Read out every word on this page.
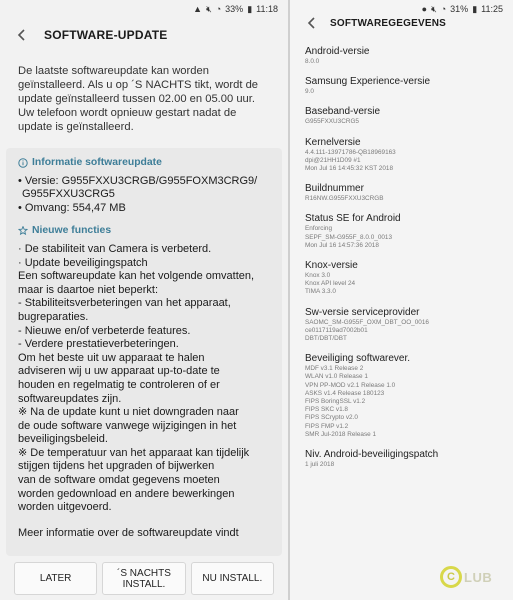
▲ 🔇︎ ◔ 33% ▮ 11:18
SOFTWARE-UPDATE
De laatste softwareupdate kan worden
geïnstalleerd. Als u op ´S NACHTS tikt, wordt de
update geïnstalleerd tussen 02.00 en 05.00 uur.
Uw telefoon wordt opnieuw gestart nadat de
update is geïnstalleerd.
Informatie softwareupdate
• Versie: G955FXXU3CRGB/G955FOXM3CRG9/
G955FXXU3CRG5
• Omvang: 554,47 MB
Nieuwe functies
· De stabiliteit van Camera is verbeterd.
· Update beveiligingspatch
Een softwareupdate kan het volgende omvatten,
maar is daartoe niet beperkt:
- Stabiliteitsverbeteringen van het apparaat,
bugreparaties.
- Nieuwe en/of verbeterde features.
- Verdere prestatieverbeteringen.
Om het beste uit uw apparaat te halen
adviseren wij u uw apparaat up-to-date te
houden en regelmatig te controleren of er
softwareupdates zijn.
※ Na de update kunt u niet downgraden naar
de oude software vanwege wijzigingen in het
beveiligingsbeleid.
※ De temperatuur van het apparaat kan tijdelijk
stijgen tijdens het upgraden of bijwerken
van de software omdat gegevens moeten
worden gedownload en andere bewerkingen
worden uitgevoerd.
Meer informatie over de softwareupdate vindt
LATER	´S NACHTS
INSTALL.	NU INSTALL.
● 🔇︎ ◔ 31% ▮ 11:25
SOFTWAREGEGEVENS
Android-versie
8.0.0
Samsung Experience-versie
9.0
Baseband-versie
G955FXXU3CRG5
Kernelversie
4.4.111-13971786-QB18969163
dpi@21HH1D09 #1
Mon Jul 16 14:45:32 KST 2018
Buildnummer
R16NW.G955FXXU3CRGB
Status SE for Android
Enforcing
SEPF_SM-G955F_8.0.0_0013
Mon Jul 16 14:57:36 2018
Knox-versie
Knox 3.0
Knox API level 24
TIMA 3.3.0
Sw-versie serviceprovider
SAOMC_SM-G955F_OXM_DBT_OO_0016
ce0117119ad7002b01
DBT/DBT/DBT
Beveiliging softwarever.
MDF v3.1 Release 2
WLAN v1.0 Release 1
VPN PP-MOD v2.1 Release 1.0
ASKS v1.4 Release 180123
FIPS BoringSSL v1.2
FIPS SKC v1.8
FIPS SCrypto v2.0
FIPS FMP v1.2
SMR Jul-2018 Release 1
Niv. Android-beveiligingspatch
1 juli 2018
C LUB
